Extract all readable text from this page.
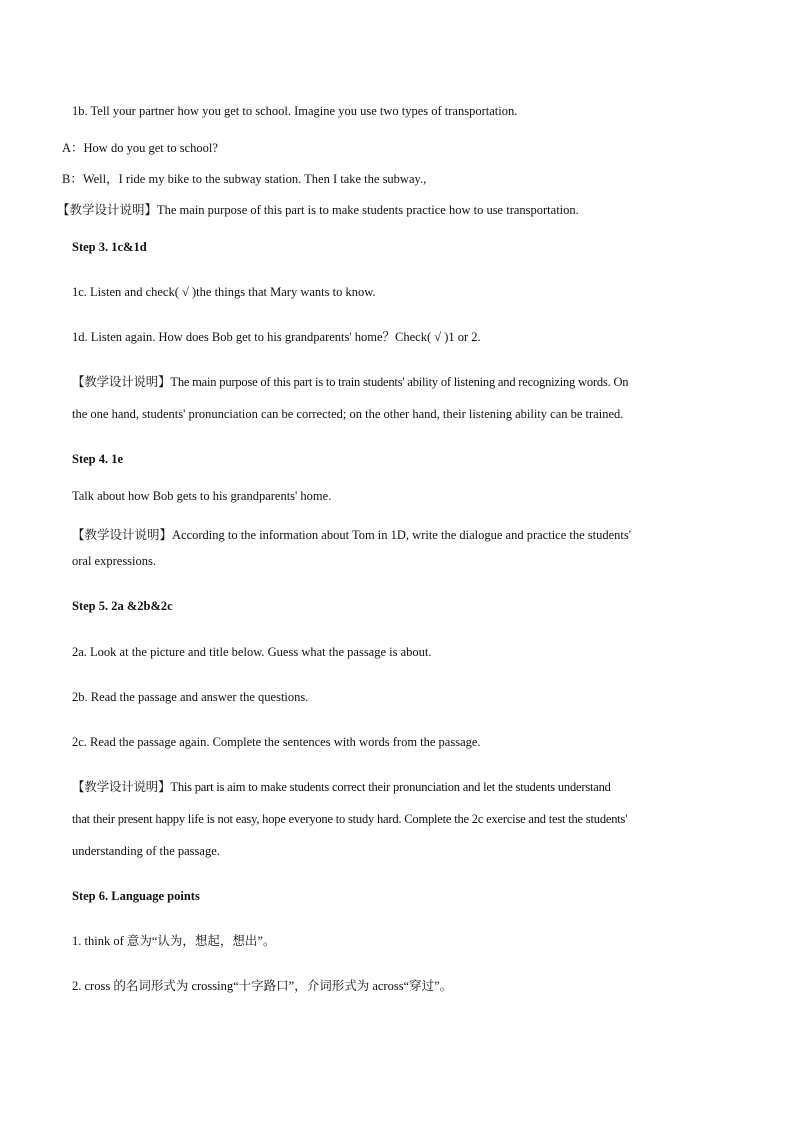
1b. Tell your partner how you get to school. Imagine you use two types of transportation.
A：How do you get to school?
B：Well，I ride my bike to the subway station. Then I take the subway.,
【教学设计说明】The main purpose of this part is to make students practice how to use transportation.
Step 3. 1c&1d
1c. Listen and check( √ )the things that Mary wants to know.
1d. Listen again. How does Bob get to his grandparents' home？Check( √ )1 or 2.
【教学设计说明】The main purpose of this part is to train students' ability of listening and recognizing words. On
the one hand, students' pronunciation can be corrected; on the other hand, their listening ability can be trained.
Step 4. 1e
Talk about how Bob gets to his grandparents' home.
【教学设计说明】According to the information about Tom in 1D, write the dialogue and practice the students'
oral expressions.
Step 5. 2a &2b&2c
2a. Look at the picture and title below. Guess what the passage is about.
2b. Read the passage and answer the questions.
2c. Read the passage again. Complete the sentences with words from the passage.
【教学设计说明】This part is aim to make students correct their pronunciation and let the students understand
that their present happy life is not easy, hope everyone to study hard. Complete the 2c exercise and test the students'
understanding of the passage.
Step 6. Language points
1. think of 意为“认为，想起，想出”。
2. cross 的名词形式为 crossing“十字路口”，介词形式为 across“穿过”。
